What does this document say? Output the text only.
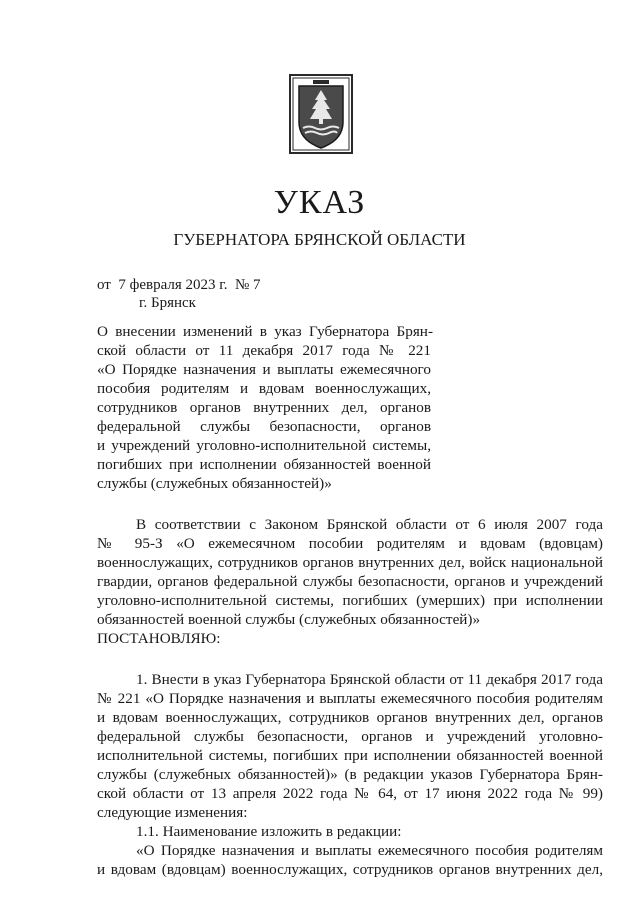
УКАЗ
ГУБЕРНАТОРА БРЯНСКОЙ ОБЛАСТИ
от  7 февраля 2023 г.  № 7
г. Брянск
О внесении изменений в указ Губернатора Брян-
ской области от 11 декабря 2017 года № 221
«О Порядке назначения и выплаты ежемесячного
пособия родителям и вдовам военнослужащих,
сотрудников органов внутренних дел, органов
федеральной службы безопасности, органов
и учреждений уголовно-исполнительной системы,
погибших при исполнении обязанностей военной
службы (служебных обязанностей)»
В соответствии с Законом Брянской области от 6 июля 2007 года
№ 95-З «О ежемесячном пособии родителям и вдовам (вдовцам)
военнослужащих, сотрудников органов внутренних дел, войск национальной
гвардии, органов федеральной службы безопасности, органов и учреждений
уголовно-исполнительной системы, погибших (умерших) при исполнении
обязанностей военной службы (служебных обязанностей)»
ПОСТАНОВЛЯЮ:
1. Внести в указ Губернатора Брянской области от 11 декабря 2017 года
№ 221 «О Порядке назначения и выплаты ежемесячного пособия родителям
и вдовам военнослужащих, сотрудников органов внутренних дел, органов
федеральной службы безопасности, органов и учреждений уголовно-
исполнительной системы, погибших при исполнении обязанностей военной
службы (служебных обязанностей)» (в редакции указов Губернатора Брян-
ской области от 13 апреля 2022 года № 64, от 17 июня 2022 года № 99)
следующие изменения:
1.1. Наименование изложить в редакции:
«О Порядке назначения и выплаты ежемесячного пособия родителям
и вдовам (вдовцам) военнослужащих, сотрудников органов внутренних дел,
